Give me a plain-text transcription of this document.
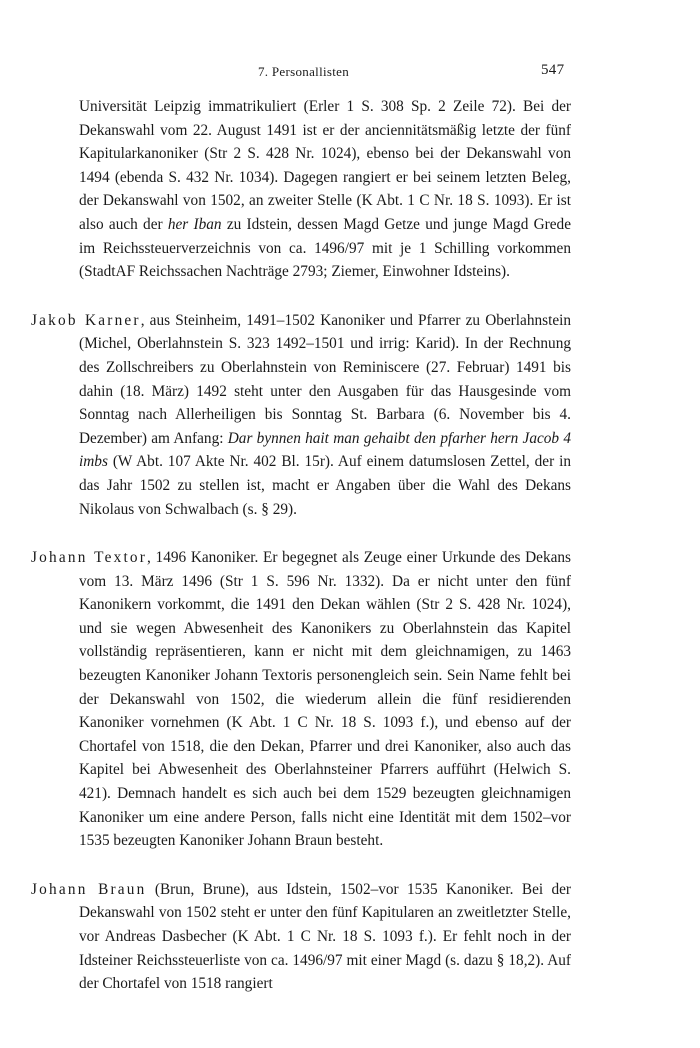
7. Personallisten	547

Universität Leipzig immatrikuliert (Erler 1 S. 308 Sp. 2 Zeile 72). Bei der Dekanswahl vom 22. August 1491 ist er der anciennitätsmäßig letzte der fünf Kapitularkanoniker (Str 2 S. 428 Nr. 1024), ebenso bei der Dekanswahl von 1494 (ebenda S. 432 Nr. 1034). Dagegen rangiert er bei seinem letzten Beleg, der Dekanswahl von 1502, an zweiter Stelle (K Abt. 1 C Nr. 18 S. 1093). Er ist also auch der her Iban zu Idstein, dessen Magd Getze und junge Magd Grede im Reichssteuerverzeichnis von ca. 1496/97 mit je 1 Schilling vorkommen (StadtAF Reichssachen Nachträge 2793; Ziemer, Einwohner Idsteins).

Jakob Karner, aus Steinheim, 1491–1502 Kanoniker und Pfarrer zu Oberlahnstein (Michel, Oberlahnstein S. 323 1492–1501 und irrig: Karid). In der Rechnung des Zollschreibers zu Oberlahnstein von Reminiscere (27. Februar) 1491 bis dahin (18. März) 1492 steht unter den Ausgaben für das Hausgesinde vom Sonntag nach Allerheiligen bis Sonntag St. Barbara (6. November bis 4. Dezember) am Anfang: Dar bynnen hait man gehaibt den pfarher hern Jacob 4 imbs (W Abt. 107 Akte Nr. 402 Bl. 15r). Auf einem datumslosen Zettel, der in das Jahr 1502 zu stellen ist, macht er Angaben über die Wahl des Dekans Nikolaus von Schwalbach (s. § 29).

Johann Textor, 1496 Kanoniker. Er begegnet als Zeuge einer Urkunde des Dekans vom 13. März 1496 (Str 1 S. 596 Nr. 1332). Da er nicht unter den fünf Kanonikern vorkommt, die 1491 den Dekan wählen (Str 2 S. 428 Nr. 1024), und sie wegen Abwesenheit des Kanonikers zu Oberlahnstein das Kapitel vollständig repräsentieren, kann er nicht mit dem gleichnamigen, zu 1463 bezeugten Kanoniker Johann Textoris personengleich sein. Sein Name fehlt bei der Dekanswahl von 1502, die wiederum allein die fünf residierenden Kanoniker vornehmen (K Abt. 1 C Nr. 18 S. 1093 f.), und ebenso auf der Chortafel von 1518, die den Dekan, Pfarrer und drei Kanoniker, also auch das Kapitel bei Abwesenheit des Oberlahnsteiner Pfarrers aufführt (Helwich S. 421). Demnach handelt es sich auch bei dem 1529 bezeugten gleichnamigen Kanoniker um eine andere Person, falls nicht eine Identität mit dem 1502–vor 1535 bezeugten Kanoniker Johann Braun besteht.

Johann Braun (Brun, Brune), aus Idstein, 1502–vor 1535 Kanoniker. Bei der Dekanswahl von 1502 steht er unter den fünf Kapitularen an zweitletzter Stelle, vor Andreas Dasbecher (K Abt. 1 C Nr. 18 S. 1093 f.). Er fehlt noch in der Idsteiner Reichssteuerliste von ca. 1496/97 mit einer Magd (s. dazu § 18,2). Auf der Chortafel von 1518 rangiert
